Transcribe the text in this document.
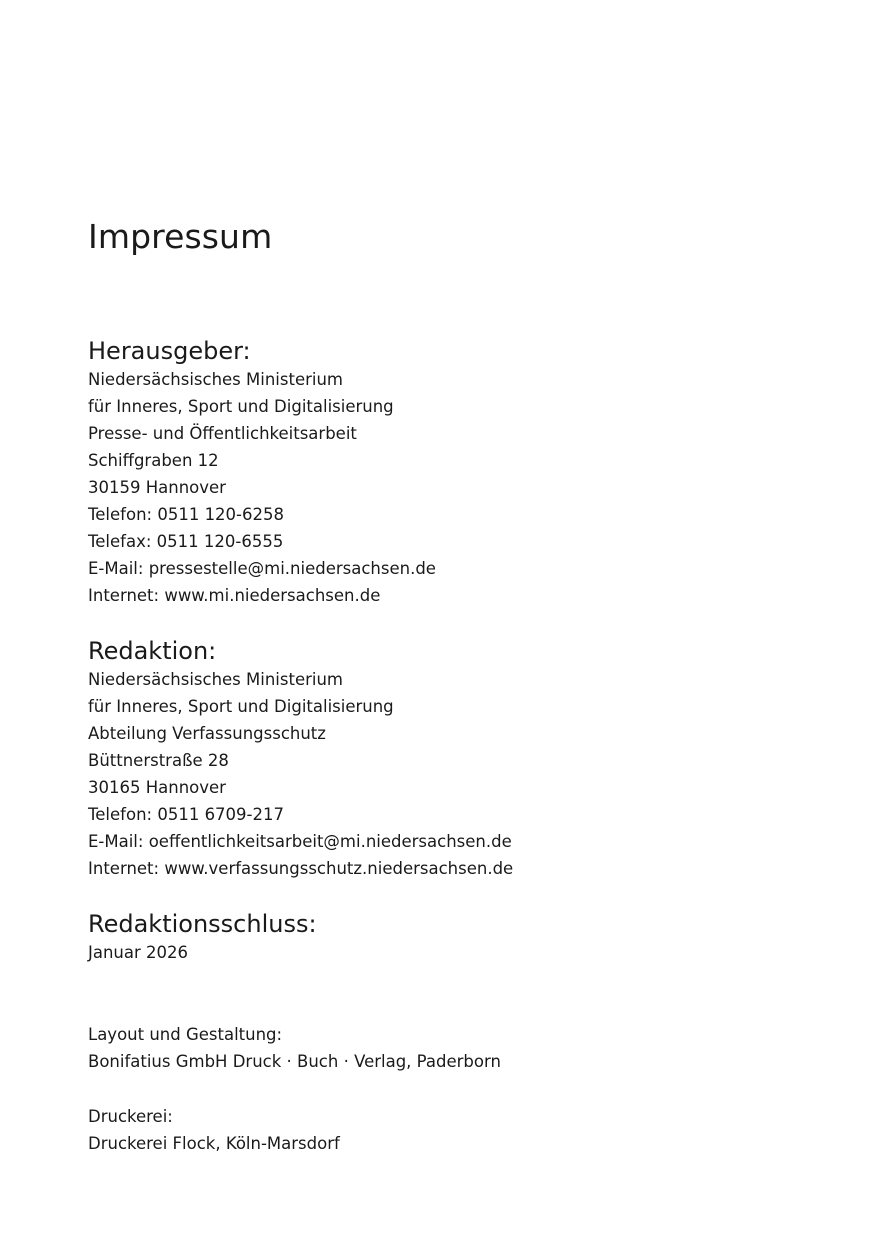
Impressum
Herausgeber:
Niedersächsisches Ministerium
für Inneres, Sport und Digitalisierung
Presse- und Öffentlichkeitsarbeit
Schiffgraben 12
30159 Hannover
Telefon: 0511 120-6258
Telefax: 0511 120-6555
E-Mail: pressestelle@mi.niedersachsen.de
Internet: www.mi.niedersachsen.de
Redaktion:
Niedersächsisches Ministerium
für Inneres, Sport und Digitalisierung
Abteilung Verfassungsschutz
Büttnerstraße 28
30165 Hannover
Telefon: 0511 6709-217
E-Mail: oeffentlichkeitsarbeit@mi.niedersachsen.de
Internet: www.verfassungsschutz.niedersachsen.de
Redaktionsschluss:
Januar 2026
Layout und Gestaltung:
Bonifatius GmbH Druck · Buch · Verlag, Paderborn
Druckerei:
Druckerei Flock, Köln-Marsdorf
